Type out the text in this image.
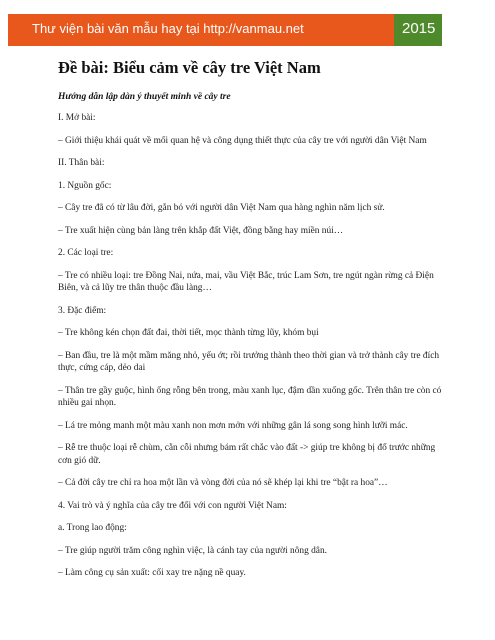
Thư viện bài văn mẫu hay tại http://vanmau.net	2015
Đề bài: Biểu cảm về cây tre Việt Nam
Hướng dẫn lập dàn ý thuyết minh về cây tre
I. Mở bài:
– Giới thiệu khái quát về mối quan hệ và công dụng thiết thực của cây tre với người dân Việt Nam
II. Thân bài:
1. Nguồn gốc:
– Cây tre đã có từ lâu đời, gắn bó với người dân Việt Nam qua hàng nghìn năm lịch sử.
– Tre xuất hiện cùng bản làng trên khắp đất Việt, đồng bằng hay miền núi…
2. Các loại tre:
– Tre có nhiều loại: tre Đồng Nai, nứa, mai, vầu Việt Bắc, trúc Lam Sơn, tre ngút ngàn rừng cả Điện Biên, và cả lũy tre thân thuộc đầu làng…
3. Đặc điểm:
– Tre không kén chọn đất đai, thời tiết, mọc thành từng lũy, khóm bụi
– Ban đầu, tre là một mầm măng nhỏ, yếu ớt; rồi trưởng thành theo thời gian và trở thành cây tre đích thực, cứng cáp, dẻo dai
– Thân tre gầy guộc, hình ống rỗng bên trong, màu xanh lục, đậm dần xuống gốc. Trên thân tre còn có nhiều gai nhọn.
– Lá tre mỏng manh một màu xanh non mơn mởn với những gân lá song song hình lưỡi mác.
– Rễ tre thuộc loại rễ chùm, cằn cỗi nhưng bám rất chắc vào đất -> giúp tre không bị đổ trước những cơn gió dữ.
– Cả đời cây tre chỉ ra hoa một lần và vòng đời của nó sẽ khép lại khi tre “bật ra hoa”…
4. Vai trò và ý nghĩa của cây tre đối với con người Việt Nam:
a. Trong lao động:
– Tre giúp người trăm công nghìn việc, là cánh tay của người nông dân.
– Làm công cụ sản xuất: cối xay tre nặng nề quay.
